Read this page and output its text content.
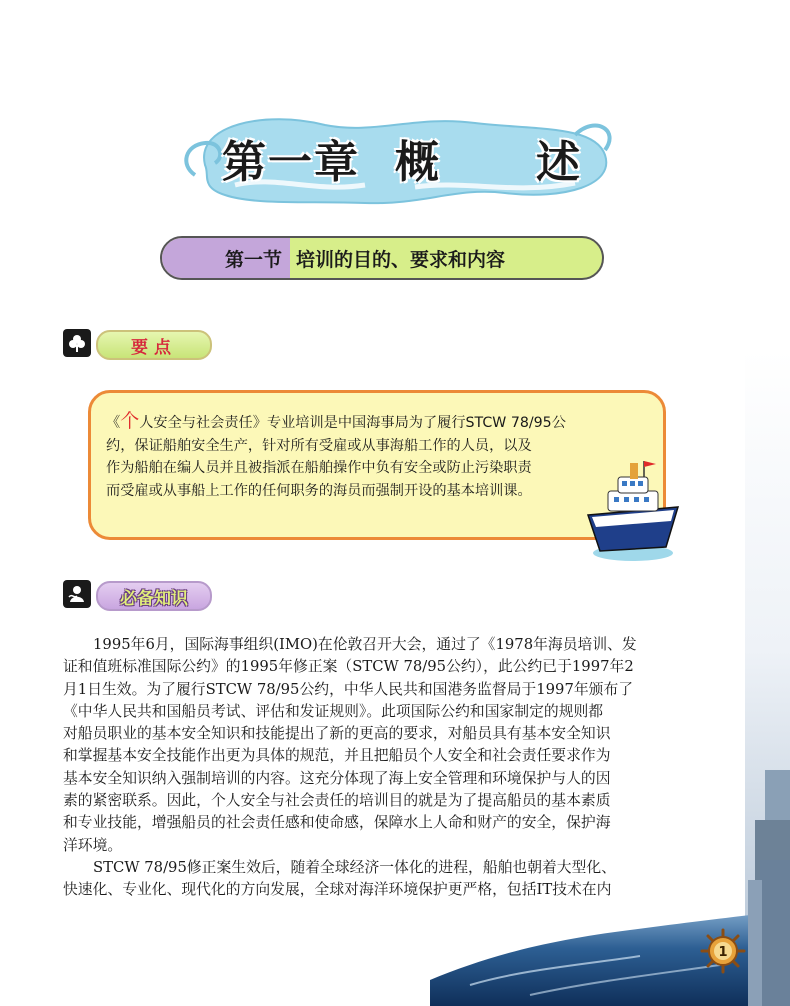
第一章 概 述
第一节 培训的目的、要求和内容
要点

《个人安全与社会责任》专业培训是中国海事局为了履行STCW 78/95公

约，保证船舶安全生产，针对所有受雇或从事海船工作的人员，以及

作为船舶在编人员并且被指派在船舶操作中负有安全或防止污染职责

而受雇或从事船上工作的任何职务的海员而强制开设的基本培训课。

必备知识

1995年6月，国际海事组织(IMO)在伦敦召开大会，通过了《1978年海员培训、发

证和值班标准国际公约》的1995年修正案（STCW 78/95公约），此公约已于1997年2

月1日生效。为了履行STCW 78/95公约，中华人民共和国港务监督局于1997年颁布了

《中华人民共和国船员考试、评估和发证规则》。此项国际公约和国家制定的规则都

对船员职业的基本安全知识和技能提出了新的更高的要求，对船员具有基本安全知识

和掌握基本安全技能作出更为具体的规范，并且把船员个人安全和社会责任要求作为

基本安全知识纳入强制培训的内容。这充分体现了海上安全管理和环境保护与人的因

素的紧密联系。因此，个人安全与社会责任的培训目的就是为了提高船员的基本素质

和专业技能，增强船员的社会责任感和使命感，保障水上人命和财产的安全，保护海

洋环境。

STCW 78/95修正案生效后，随着全球经济一体化的进程，船舶也朝着大型化、

快速化、专业化、现代化的方向发展，全球对海洋环境保护更严格，包括IT技术在内

1
